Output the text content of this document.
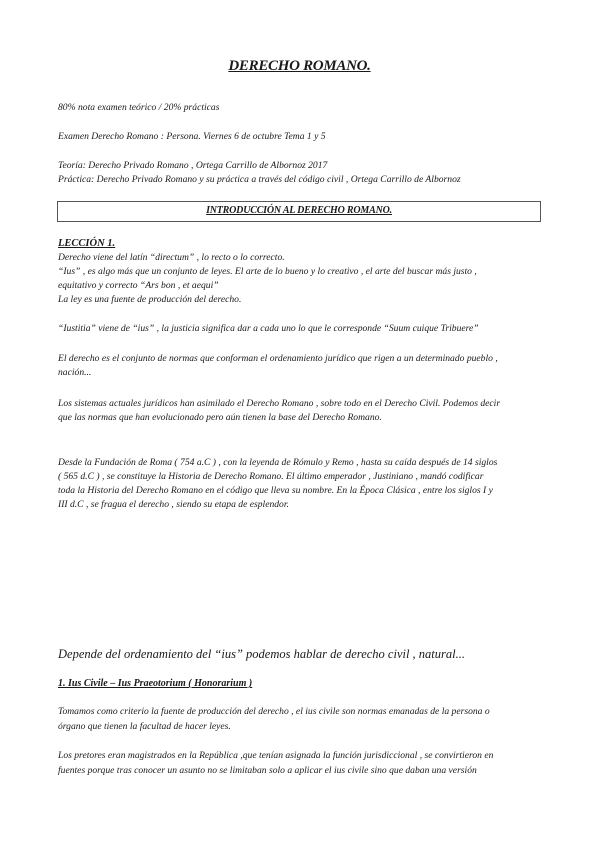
DERECHO ROMANO.
80% nota examen teórico / 20% prácticas
Examen Derecho Romano : Persona. Viernes 6 de octubre Tema 1 y 5
Teoría: Derecho Privado Romano , Ortega Carrillo de Albornoz 2017
Práctica: Derecho Privado Romano y su práctica a través del código civil , Ortega Carrillo de Albornoz
INTRODUCCIÓN AL DERECHO ROMANO.
LECCIÓN 1.
Derecho viene del latín “directum” , lo recto o lo correcto.
“Ius” , es algo más que un conjunto de leyes. El arte de lo bueno y lo creativo , el arte del buscar más justo ,
equitativo y correcto “Ars bon , et aequi”
La ley es una fuente de producción del derecho.
“Iustitia” viene de “ius” , la justicia significa dar a cada uno lo que le corresponde “Suum cuique Tribuere”
El derecho es el conjunto de normas que conforman el ordenamiento jurídico que rigen a un determinado pueblo ,
nación...
Los sistemas actuales jurídicos han asimilado el Derecho Romano , sobre todo en el Derecho Civil. Podemos decir
que las normas que han evolucionado pero aún tienen la base del Derecho Romano.
Desde la Fundación de Roma ( 754 a.C ) , con la leyenda de Rómulo y Remo , hasta su caída después de 14 siglos
( 565 d.C ) , se constituye la Historia de Derecho Romano. El último emperador , Justiniano , mandó codificar
toda la Historia del Derecho Romano en el código que lleva su nombre. En la Época Clásica , entre los siglos I y
III d.C , se fragua el derecho , siendo su etapa de esplendor.
Depende del ordenamiento del “ius” podemos hablar de derecho civil , natural...
1. Ius Civile – Ius Praeotorium ( Honorarium )
Tomamos como criterio la fuente de producción del derecho , el ius civile son normas emanadas de la persona o
órgano que tienen la facultad de hacer leyes.
Los pretores eran magistrados en la República ,que tenían asignada la función jurisdiccional , se convirtieron en
fuentes porque tras conocer un asunto no se limitaban solo a aplicar el ius civile sino que daban una versión
